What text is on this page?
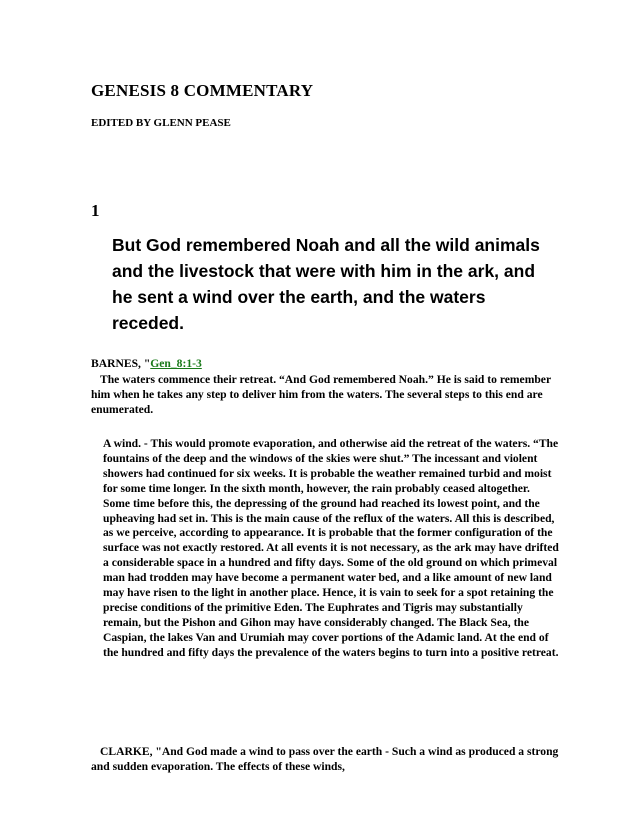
GENESIS 8 COMMENTARY
EDITED BY GLENN PEASE
1
But God remembered Noah and all the wild animals and the livestock that were with him in the ark, and he sent a wind over the earth, and the waters receded.
BARNES, "Gen_8:1-3

The waters commence their retreat. “And God remembered Noah.” He is said to remember him when he takes any step to deliver him from the waters. The several steps to this end are enumerated.

A wind. - This would promote evaporation, and otherwise aid the retreat of the waters. “The fountains of the deep and the windows of the skies were shut.” The incessant and violent showers had continued for six weeks. It is probable the weather remained turbid and moist for some time longer. In the sixth month, however, the rain probably ceased altogether. Some time before this, the depressing of the ground had reached its lowest point, and the upheaving had set in. This is the main cause of the reflux of the waters. All this is described, as we perceive, according to appearance. It is probable that the former configuration of the surface was not exactly restored. At all events it is not necessary, as the ark may have drifted a considerable space in a hundred and fifty days. Some of the old ground on which primeval man had trodden may have become a permanent water bed, and a like amount of new land may have risen to the light in another place. Hence, it is vain to seek for a spot retaining the precise conditions of the primitive Eden. The Euphrates and Tigris may substantially remain, but the Pishon and Gihon may have considerably changed. The Black Sea, the Caspian, the lakes Van and Urumiah may cover portions of the Adamic land. At the end of the hundred and fifty days the prevalence of the waters begins to turn into a positive retreat.

CLARKE, "And God made a wind to pass over the earth - Such a wind as produced a strong and sudden evaporation. The effects of these winds,
